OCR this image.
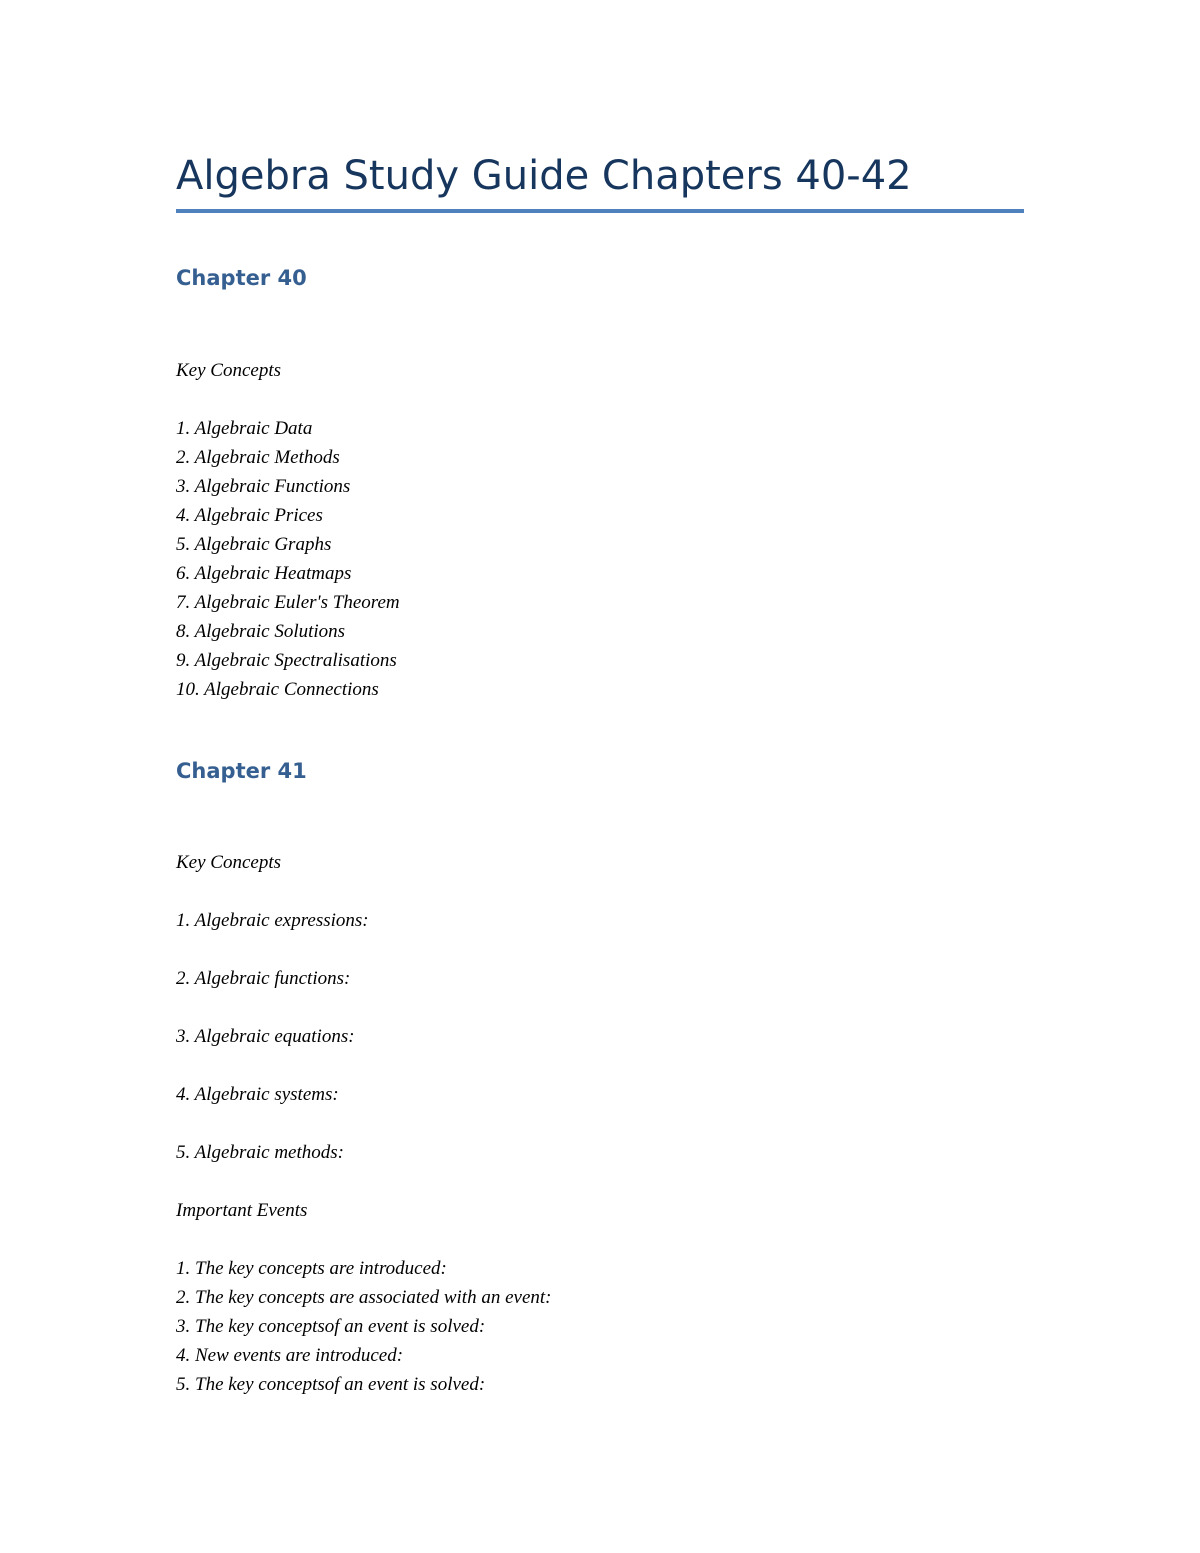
Algebra Study Guide Chapters 40-42
Chapter 40
Key Concepts
1. Algebraic Data
2. Algebraic Methods
3. Algebraic Functions
4. Algebraic Prices
5. Algebraic Graphs
6. Algebraic Heatmaps
7. Algebraic Euler's Theorem
8. Algebraic Solutions
9. Algebraic Spectralisations
10. Algebraic Connections
Chapter 41
Key Concepts
1. Algebraic expressions:
2. Algebraic functions:
3. Algebraic equations:
4. Algebraic systems:
5. Algebraic methods:
Important Events
1. The key concepts are introduced:
2. The key concepts are associated with an event:
3. The key conceptsof an event is solved:
4. New events are introduced:
5. The key conceptsof an event is solved:
